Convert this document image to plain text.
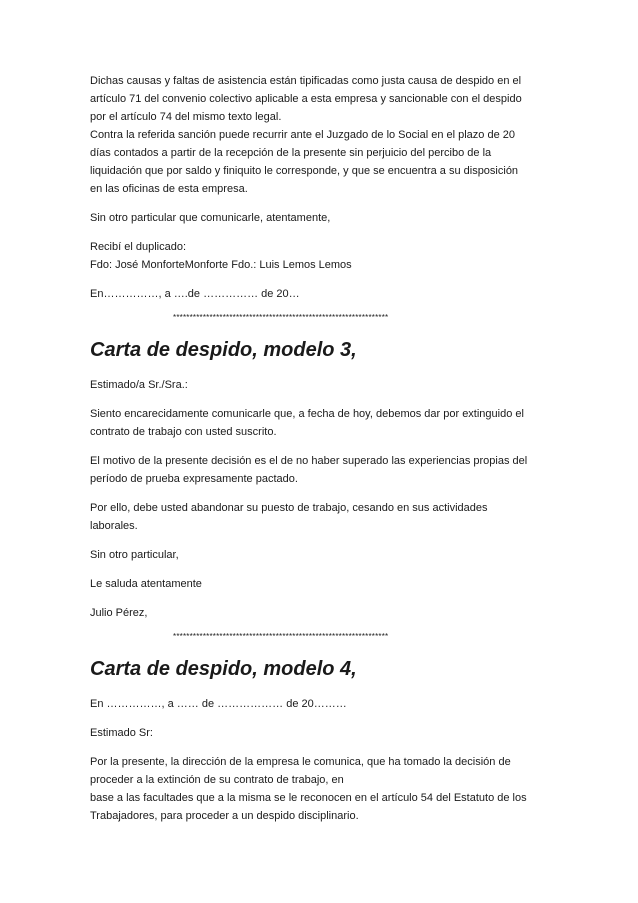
Dichas causas y faltas de asistencia están tipificadas como justa causa de despido en el
artículo 71 del convenio colectivo aplicable a esta empresa y sancionable con el despido
por el artículo 74 del mismo texto legal.
Contra la referida sanción puede recurrir ante el Juzgado de lo Social en el plazo de 20
días contados a partir de la recepción de la presente sin perjuicio del percibo de la
liquidación que por saldo y finiquito le corresponde, y que se encuentra a su disposición
en las oficinas de esta empresa.

Sin otro particular que comunicarle, atentamente,

Recibí el duplicado:
Fdo: José MonforteMonforte Fdo.: Luis Lemos Lemos

En……………, a ….de …………… de 20…

*****************************************************************
Carta de despido, modelo 3,

Estimado/a Sr./Sra.:

Siento encarecidamente comunicarle que, a fecha de hoy, debemos dar por extinguido el
contrato de trabajo con usted suscrito.

El motivo de la presente decisión es el de no haber superado las experiencias propias del
período de prueba expresamente pactado.

Por ello, debe usted abandonar su puesto de trabajo, cesando en sus actividades
laborales.

Sin otro particular,

Le saluda atentamente

Julio Pérez,

*****************************************************************
Carta de despido, modelo 4,

En ……………, a …… de ……………… de 20………

Estimado Sr:

Por la presente, la dirección de la empresa le comunica, que ha tomado la decisión de
proceder a la extinción de su contrato de trabajo, en
base a las facultades que a la misma se le reconocen en el artículo 54 del Estatuto de los
Trabajadores, para proceder a un despido disciplinario.
